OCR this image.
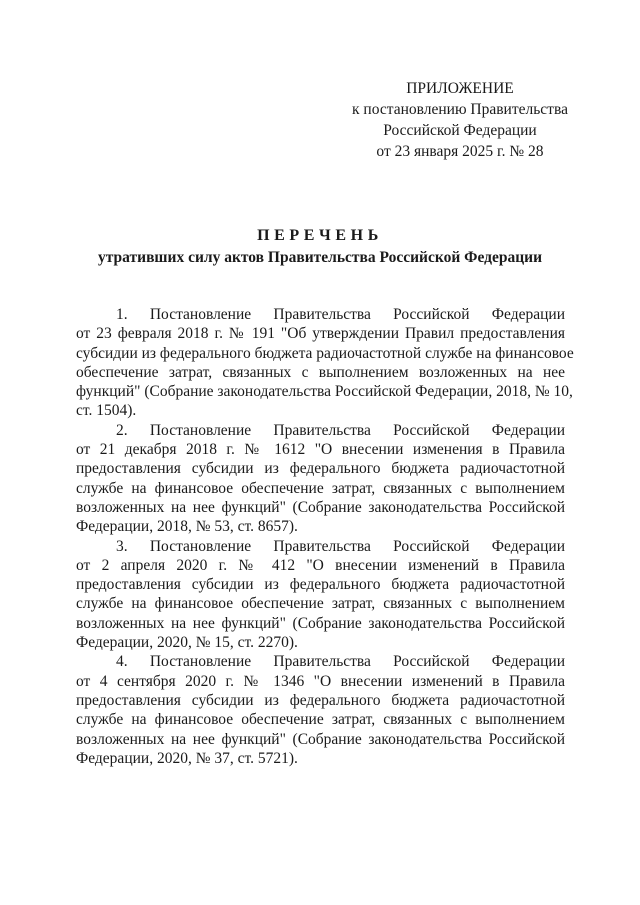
ПРИЛОЖЕНИЕ
к постановлению Правительства
Российской Федерации
от 23 января 2025 г. № 28
ПЕРЕЧЕНЬ
утративших силу актов Правительства Российской Федерации
1. Постановление Правительства Российской Федерации
от 23 февраля 2018 г. № 191 "Об утверждении Правил предоставления
субсидии из федерального бюджета радиочастотной службе на финансовое
обеспечение затрат, связанных с выполнением возложенных на нее
функций" (Собрание законодательства Российской Федерации, 2018, № 10,
ст. 1504).
2. Постановление Правительства Российской Федерации
от 21 декабря 2018 г. № 1612 "О внесении изменения в Правила
предоставления субсидии из федерального бюджета радиочастотной
службе на финансовое обеспечение затрат, связанных с выполнением
возложенных на нее функций" (Собрание законодательства Российской
Федерации, 2018, № 53, ст. 8657).
3. Постановление Правительства Российской Федерации
от 2 апреля 2020 г. № 412 "О внесении изменений в Правила
предоставления субсидии из федерального бюджета радиочастотной
службе на финансовое обеспечение затрат, связанных с выполнением
возложенных на нее функций" (Собрание законодательства Российской
Федерации, 2020, № 15, ст. 2270).
4. Постановление Правительства Российской Федерации
от 4 сентября 2020 г. № 1346 "О внесении изменений в Правила
предоставления субсидии из федерального бюджета радиочастотной
службе на финансовое обеспечение затрат, связанных с выполнением
возложенных на нее функций" (Собрание законодательства Российской
Федерации, 2020, № 37, ст. 5721).
